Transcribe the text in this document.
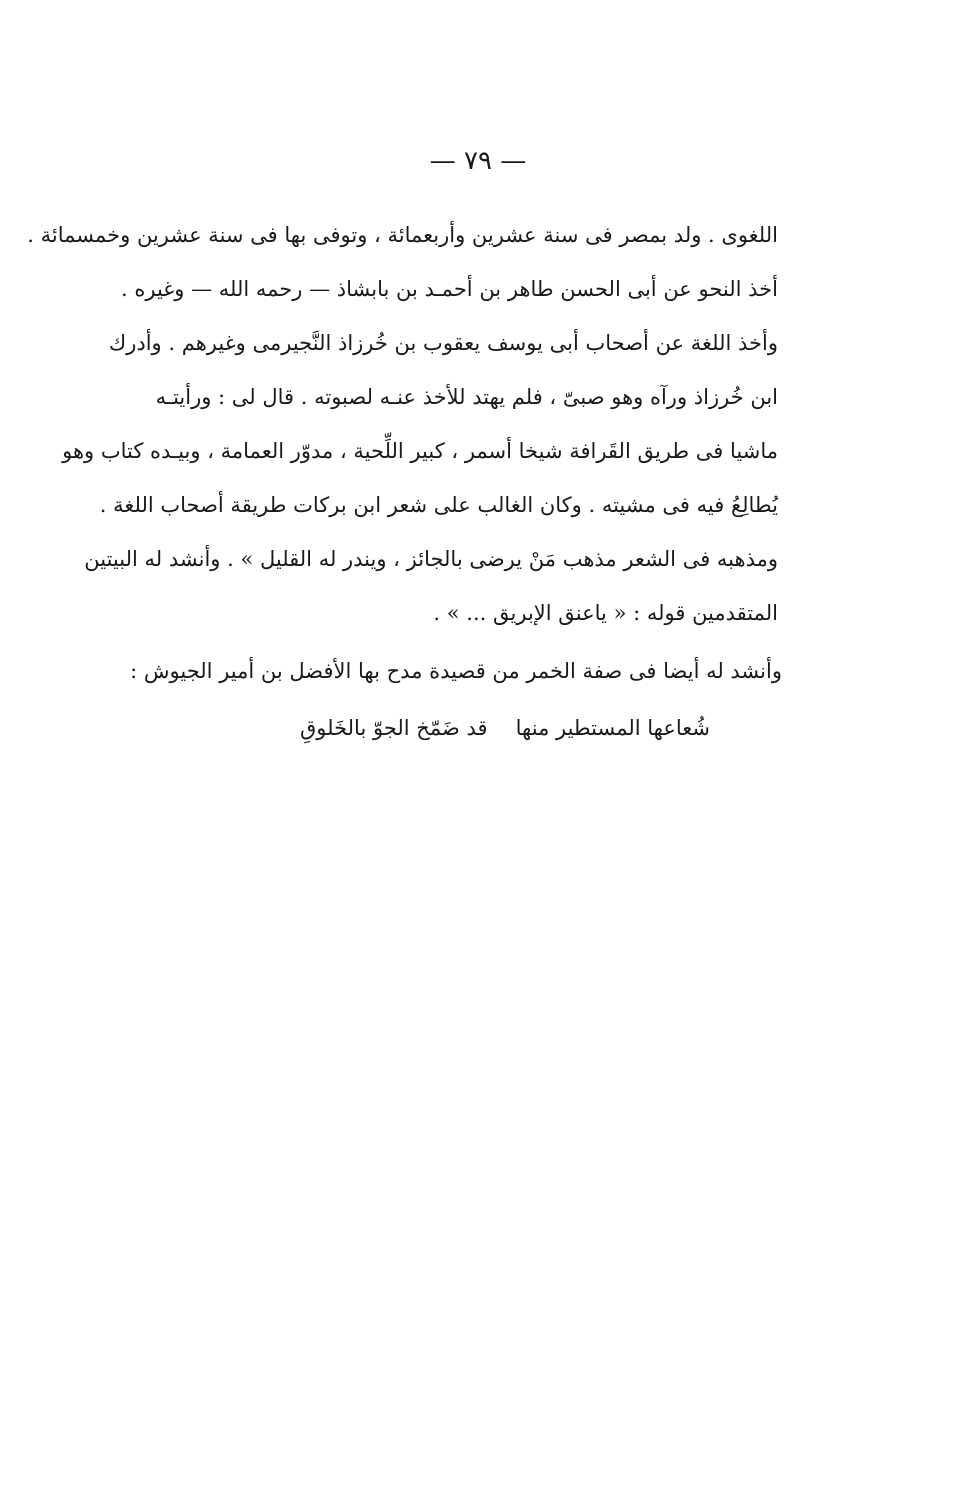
— ٧٩ —
اللغوى . ولد بمصر فى سنة عشرين وأربعمائة ، وتوفى بها فى سنة عشرين وخمسمائة .
أخذ النحو عن أبى الحسن طاهر بن أحمـد بن بابشاذ — رحمه الله — وغيره .
وأخذ اللغة عن أصحاب أبى يوسف يعقوب بن خُرزاذ النَّجيرمى وغيرهم . وأدرك
ابن خُرزاذ ورآه وهو صبىّ ، فلم يهتد للأخذ عنـه لصبوته . قال لى : ورأيتـه
ماشيا فى طريق القَرافة شيخا أسمر ، كبير اللِّحية ، مدوّر العمامة ، وبيـده كتاب وهو
يُطالِعُ فيه فى مشيته . وكان الغالب على شعر ابن بركات طريقة أصحاب اللغة .
ومذهبه فى الشعر مذهب مَنْ يرضى بالجائز ، ويندر له القليل » . وأنشد له البيتين
المتقدمين قوله : « ياعنق الإبريق ... » .
وأنشد له أيضا فى صفة الخمر من قصيدة مدح بها الأفضل بن أمير الجيوش :
شُعاعها المستطير منها
قد ضَمّخ الجوّ بالخَلوقِ
